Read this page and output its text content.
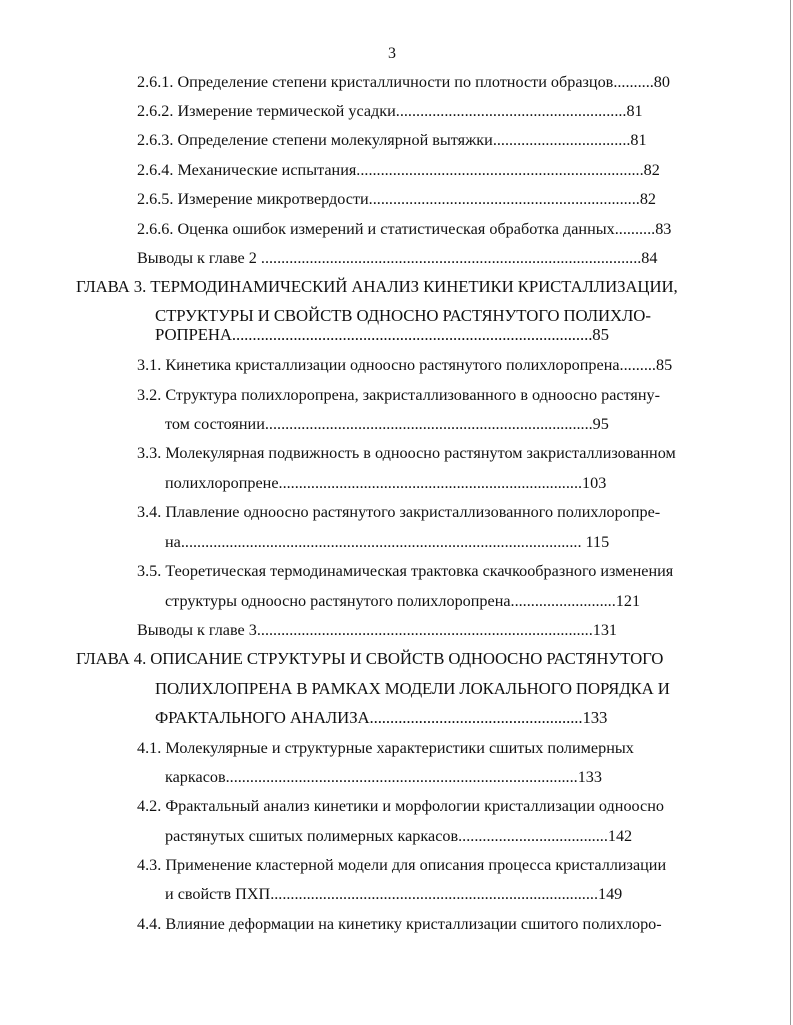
3
2.6.1. Определение степени кристалличности по плотности образцов..........80
2.6.2. Измерение термической усадки.........................................................81
2.6.3. Определение степени молекулярной вытяжки..................................81
2.6.4. Механические испытания.......................................................................82
2.6.5. Измерение микротвердости...................................................................82
2.6.6. Оценка ошибок измерений и статистическая обработка данных..........83
Выводы к главе 2 ..............................................................................................84
ГЛАВА 3. ТЕРМОДИНАМИЧЕСКИЙ АНАЛИЗ КИНЕТИКИ КРИСТАЛЛИЗАЦИИ,
СТРУКТУРЫ И СВОЙСТВ ОДНОСНО РАСТЯНУТОГО ПОЛИХЛО-
РОПРЕНА........................................................................................85
3.1. Кинетика кристаллизации одноосно растянутого полихлоропрена.........85
3.2. Структура полихлоропрена, закристаллизованного в одноосно растяну-
том состоянии.................................................................................95
3.3. Молекулярная подвижность в одноосно растянутом закристаллизованном
полихлоропрене...........................................................................103
3.4. Плавление одноосно растянутого закристаллизованного полихлоропре-
на................................................................................................... 115
3.5. Теоретическая термодинамическая трактовка скачкообразного изменения
структуры одноосно растянутого полихлоропрена..........................121
Выводы к главе 3...................................................................................131
ГЛАВА 4. ОПИСАНИЕ СТРУКТУРЫ И СВОЙСТВ ОДНООСНО РАСТЯНУТОГО
ПОЛИХЛОПРЕНА В РАМКАХ МОДЕЛИ ЛОКАЛЬНОГО ПОРЯДКА И
ФРАКТАЛЬНОГО АНАЛИЗА....................................................133
4.1. Молекулярные и структурные характеристики сшитых полимерных
каркасов.......................................................................................133
4.2. Фрактальный анализ кинетики и морфологии кристаллизации одноосно
растянутых сшитых полимерных каркасов.....................................142
4.3. Применение кластерной модели для описания процесса кристаллизации
и свойств ПХП.................................................................................149
4.4. Влияние деформации на кинетику кристаллизации сшитого полихлоро-
